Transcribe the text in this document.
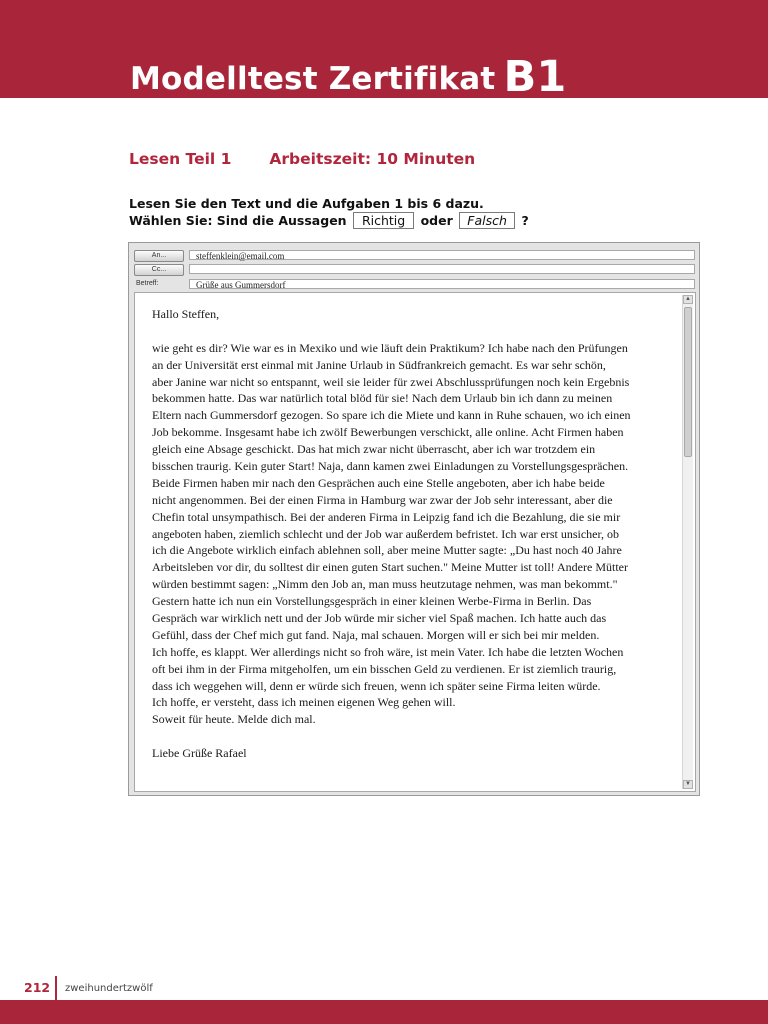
Modelltest Zertifikat B1
Lesen Teil 1 Arbeitszeit: 10 Minuten
Lesen Sie den Text und die Aufgaben 1 bis 6 dazu.
Wählen Sie: Sind die Aussagen Richtig oder Falsch ?
An...	steffenklein@email.com
Cc...
Betreff:	Grüße aus Gummersdorf
Hallo Steffen,
wie geht es dir? Wie war es in Mexiko und wie läuft dein Praktikum? Ich habe nach den Prüfungen
an der Universität erst einmal mit Janine Urlaub in Südfrankreich gemacht. Es war sehr schön,
aber Janine war nicht so entspannt, weil sie leider für zwei Abschlussprüfungen noch kein Ergebnis
bekommen hatte. Das war natürlich total blöd für sie! Nach dem Urlaub bin ich dann zu meinen
Eltern nach Gummersdorf gezogen. So spare ich die Miete und kann in Ruhe schauen, wo ich einen
Job bekomme. Insgesamt habe ich zwölf Bewerbungen verschickt, alle online. Acht Firmen haben
gleich eine Absage geschickt. Das hat mich zwar nicht überrascht, aber ich war trotzdem ein
bisschen traurig. Kein guter Start! Naja, dann kamen zwei Einladungen zu Vorstellungsgesprächen.
Beide Firmen haben mir nach den Gesprächen auch eine Stelle angeboten, aber ich habe beide
nicht angenommen. Bei der einen Firma in Hamburg war zwar der Job sehr interessant, aber die
Chefin total unsympathisch. Bei der anderen Firma in Leipzig fand ich die Bezahlung, die sie mir
angeboten haben, ziemlich schlecht und der Job war außerdem befristet. Ich war erst unsicher, ob
ich die Angebote wirklich einfach ablehnen soll, aber meine Mutter sagte: „Du hast noch 40 Jahre
Arbeitsleben vor dir, du solltest dir einen guten Start suchen." Meine Mutter ist toll! Andere Mütter
würden bestimmt sagen: „Nimm den Job an, man muss heutzutage nehmen, was man bekommt."
Gestern hatte ich nun ein Vorstellungsgespräch in einer kleinen Werbe-Firma in Berlin. Das
Gespräch war wirklich nett und der Job würde mir sicher viel Spaß machen. Ich hatte auch das
Gefühl, dass der Chef mich gut fand. Naja, mal schauen. Morgen will er sich bei mir melden.
Ich hoffe, es klappt. Wer allerdings nicht so froh wäre, ist mein Vater. Ich habe die letzten Wochen
oft bei ihm in der Firma mitgeholfen, um ein bisschen Geld zu verdienen. Er ist ziemlich traurig,
dass ich weggehen will, denn er würde sich freuen, wenn ich später seine Firma leiten würde.
Ich hoffe, er versteht, dass ich meinen eigenen Weg gehen will.
Soweit für heute. Melde dich mal.
Liebe Grüße Rafael
▲
▼
212 zweihundertzwölf
